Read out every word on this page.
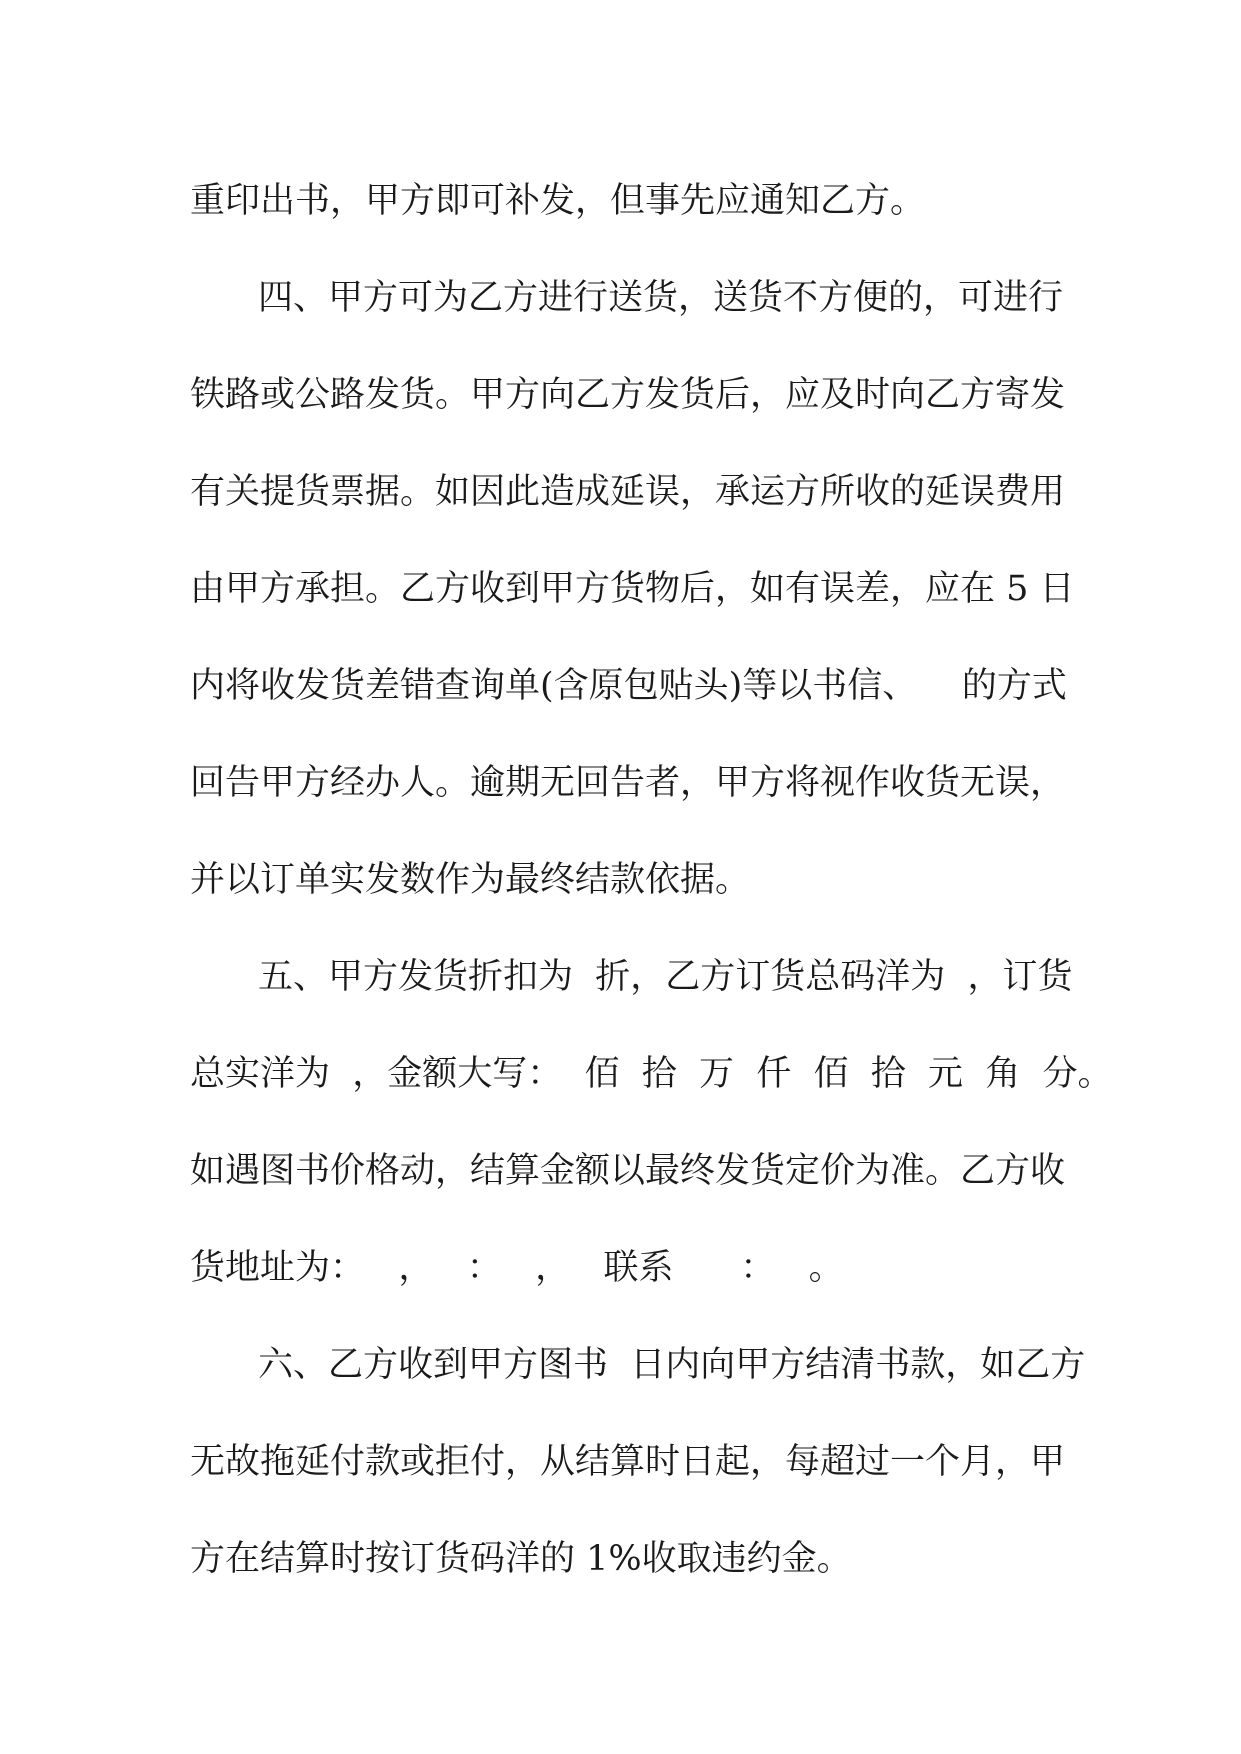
重印出书，甲方即可补发，但事先应通知乙方。
四、甲方可为乙方进行送货，送货不方便的，可进行
铁路或公路发货。甲方向乙方发货后，应及时向乙方寄发
有关提货票据。如因此造成延误，承运方所收的延误费用
由甲方承担。乙方收到甲方货物后，如有误差，应在 5 日
内将收发货差错查询单(含原包贴头)等以书信、    的方式
回告甲方经办人。逾期无回告者，甲方将视作收货无误，
并以订单实发数作为最终结款依据。
五、甲方发货折扣为  折，乙方订货总码洋为  ，订货
总实洋为  ，金额大写：  佰  拾  万  仟  佰  拾  元  角  分。
如遇图书价格动，结算金额以最终发货定价为准。乙方收
货地址为：   ，   ：   ，   联系      ：   。
六、乙方收到甲方图书  日内向甲方结清书款，如乙方
无故拖延付款或拒付，从结算时日起，每超过一个月，甲
方在结算时按订货码洋的 1%收取违约金。
